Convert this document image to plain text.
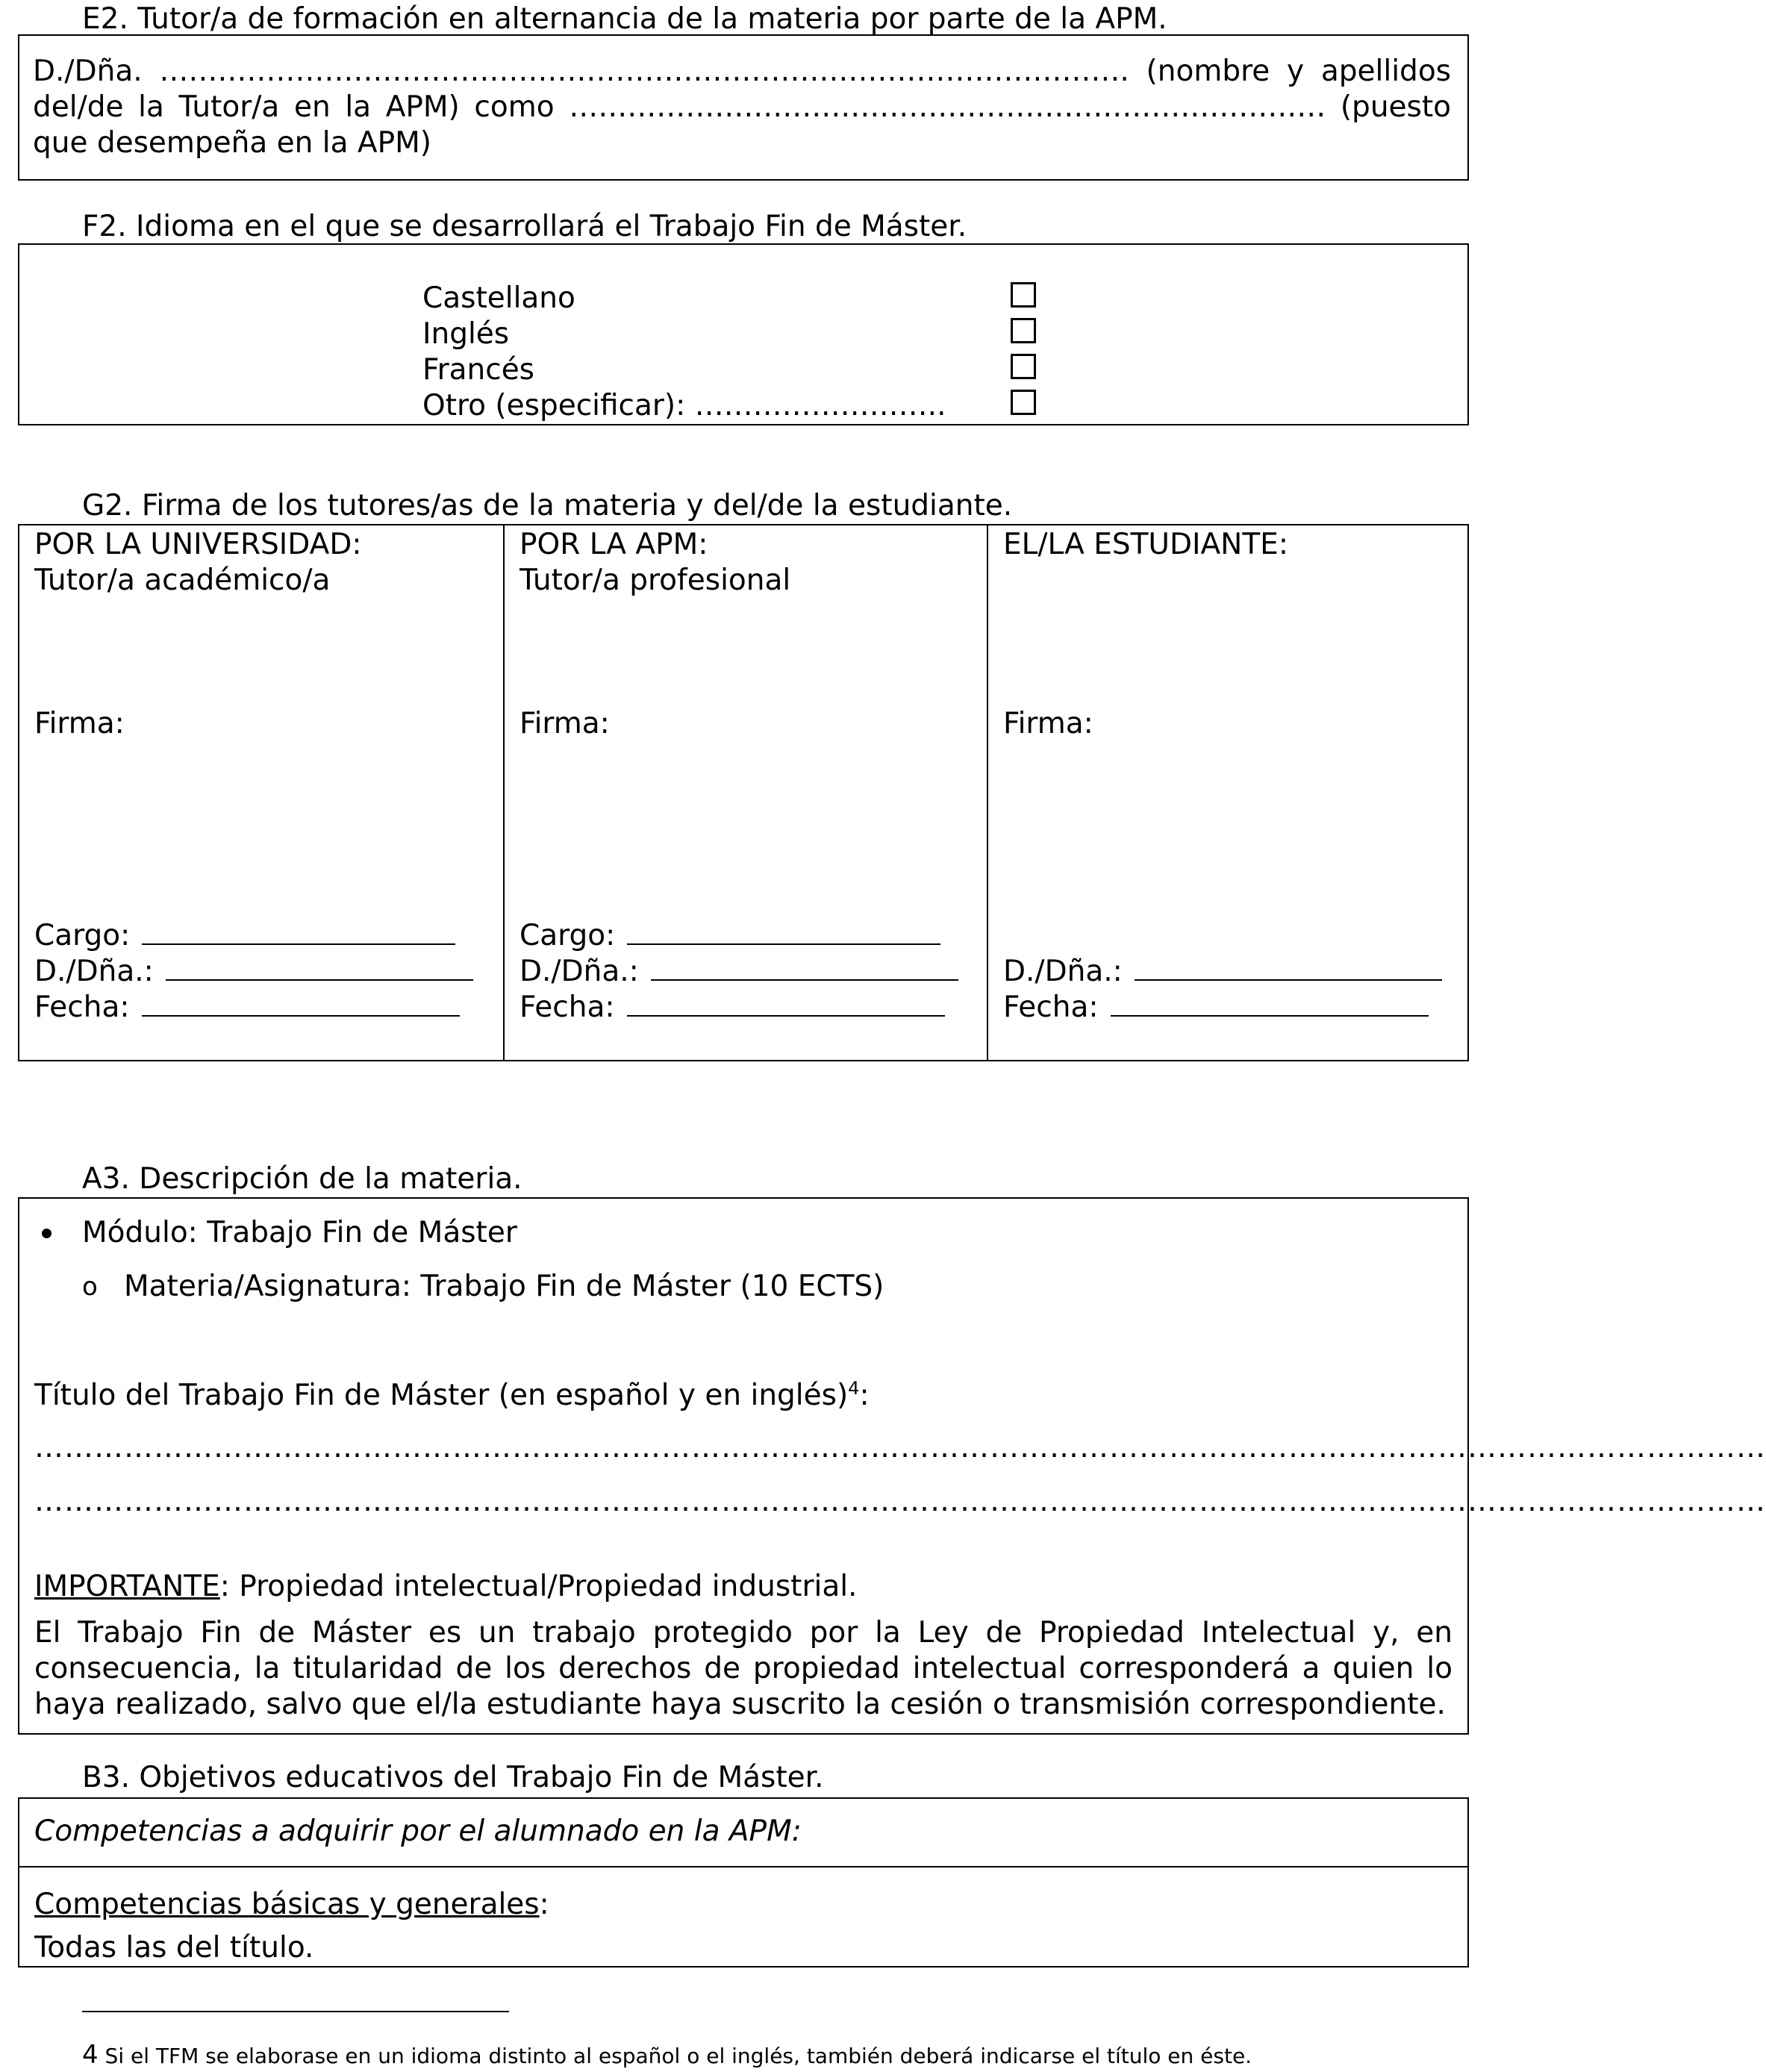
E2. Tutor/a de formación en alternancia de la materia por parte de la APM.
D./Dña. ………………………………………………………………………………………. (nombre y apellidos del/de la Tutor/a en la APM) como …………………………………………………………………… (puesto que desempeña en la APM)
F2. Idioma en el que se desarrollará el Trabajo Fin de Máster.
Castellano
Inglés
Francés
Otro (especificar): ……………………..
G2. Firma de los tutores/as de la materia y del/de la estudiante.
POR LA UNIVERSIDAD:
Tutor/a académico/a
Firma:
Cargo:
D./Dña.:
Fecha:
POR LA APM:
Tutor/a profesional
Firma:
Cargo:
D./Dña.:
Fecha:
EL/LA ESTUDIANTE:
Firma:
D./Dña.:
Fecha:
A3. Descripción de la materia.
Módulo: Trabajo Fin de Máster
o Materia/Asignatura: Trabajo Fin de Máster (10 ECTS)
Título del Trabajo Fin de Máster (en español y en inglés)$^4$:
…………………………………………………………………………………………………………………………………………………………
…………………………………………………………………………………………………………………………………………………………
IMPORTANTE: Propiedad intelectual/Propiedad industrial.
El Trabajo Fin de Máster es un trabajo protegido por la Ley de Propiedad Intelectual y, en consecuencia, la titularidad de los derechos de propiedad intelectual corresponderá a quien lo haya realizado, salvo que el/la estudiante haya suscrito la cesión o transmisión correspondiente.
B3. Objetivos educativos del Trabajo Fin de Máster.
Competencias a adquirir por el alumnado en la APM:
Competencias básicas y generales:
Todas las del título.
4 Si el TFM se elaborase en un idioma distinto al español o el inglés, también deberá indicarse el título en éste.
